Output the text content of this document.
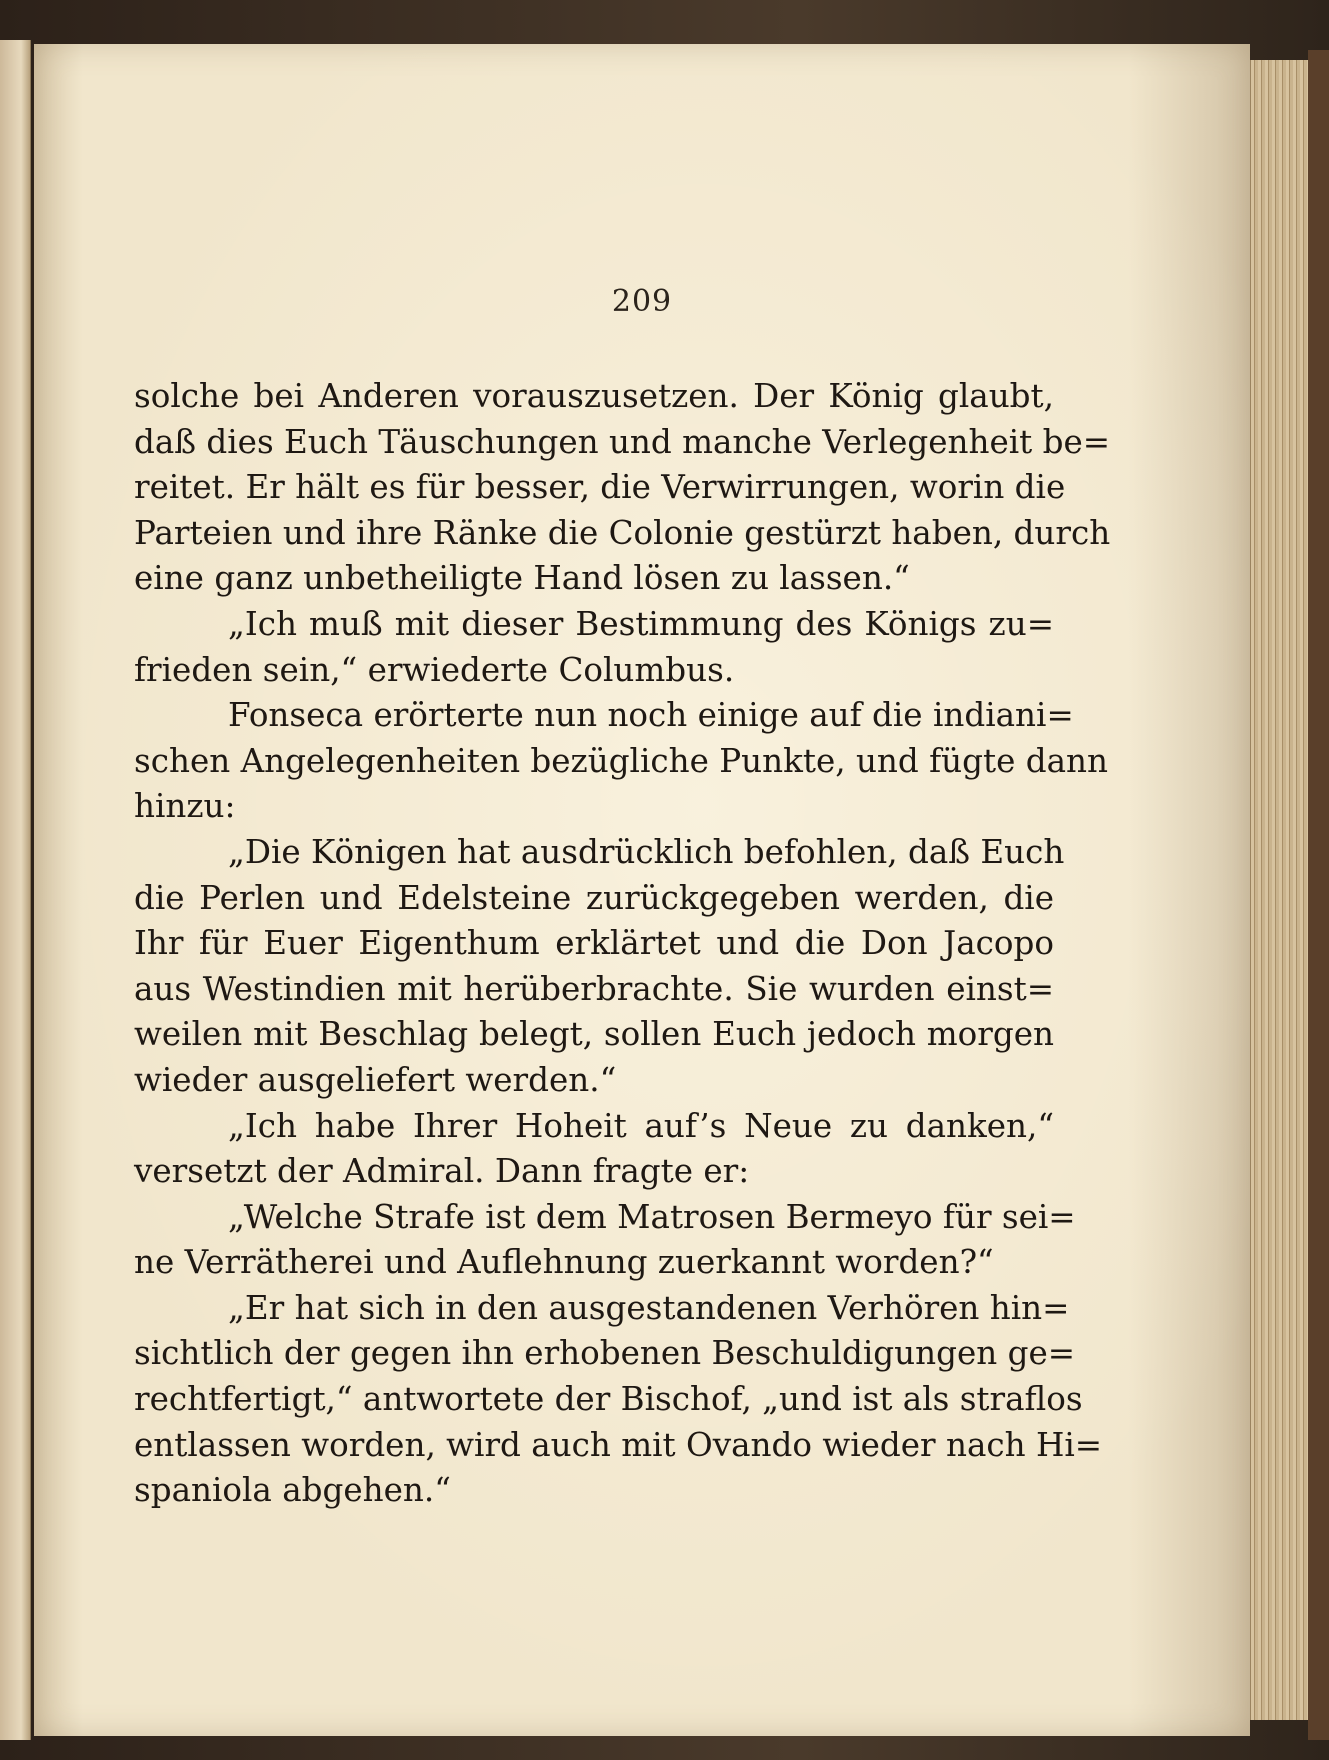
209
solche bei Anderen vorauszusetzen. Der König glaubt,
daß dies Euch Täuschungen und manche Verlegenheit be=
reitet. Er hält es für besser, die Verwirrungen, worin die
Parteien und ihre Ränke die Colonie gestürzt haben, durch
eine ganz unbetheiligte Hand lösen zu lassen.“
„Ich muß mit dieser Bestimmung des Königs zu=
frieden sein,“ erwiederte Columbus.
Fonseca erörterte nun noch einige auf die indiani=
schen Angelegenheiten bezügliche Punkte, und fügte dann
hinzu:
„Die Königen hat ausdrücklich befohlen, daß Euch
die Perlen und Edelsteine zurückgegeben werden, die
Ihr für Euer Eigenthum erklärtet und die Don Jacopo
aus Westindien mit herüberbrachte. Sie wurden einst=
weilen mit Beschlag belegt, sollen Euch jedoch morgen
wieder ausgeliefert werden.“
„Ich habe Ihrer Hoheit auf’s Neue zu danken,“
versetzt der Admiral. Dann fragte er:
„Welche Strafe ist dem Matrosen Bermeyo für sei=
ne Verrätherei und Auflehnung zuerkannt worden?“
„Er hat sich in den ausgestandenen Verhören hin=
sichtlich der gegen ihn erhobenen Beschuldigungen ge=
rechtfertigt,“ antwortete der Bischof, „und ist als straflos
entlassen worden, wird auch mit Ovando wieder nach Hi=
spaniola abgehen.“
